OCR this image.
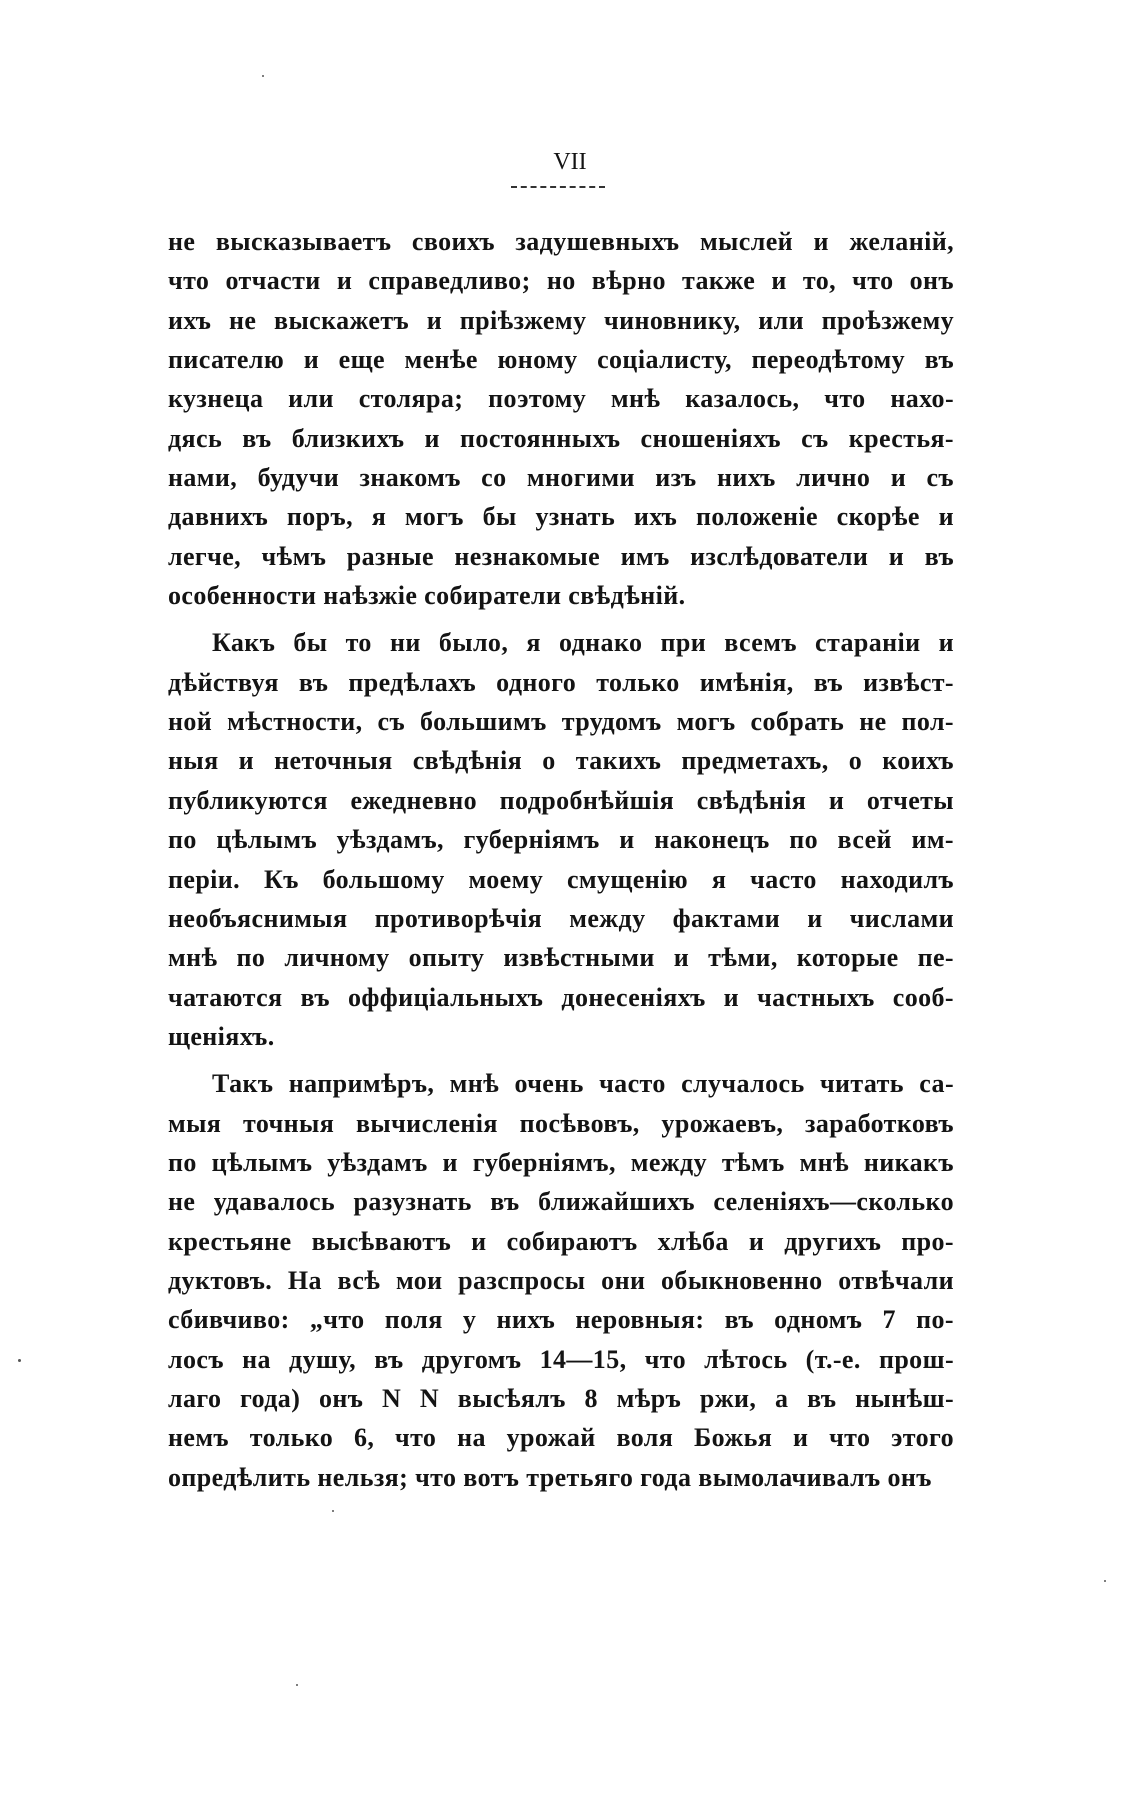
VII
не высказываетъ своихъ задушевныхъ мыслей и желаній,
что отчасти и справедливо; но вѣрно также и то, что онъ
ихъ не выскажетъ и пріѣзжему чиновнику, или проѣзжему
писателю и еще менѣе юному соціалисту, переодѣтому въ
кузнеца или столяра; поэтому мнѣ казалось, что нахо-
дясь въ близкихъ и постоянныхъ сношеніяхъ съ крестья-
нами, будучи знакомъ со многими изъ нихъ лично и съ
давнихъ поръ, я могъ бы узнать ихъ положеніе скорѣе и
легче, чѣмъ разные незнакомые имъ изслѣдователи и въ
особенности наѣзжіе собиратели свѣдѣній.
Какъ бы то ни было, я однако при всемъ стараніи и
дѣйствуя въ предѣлахъ одного только имѣнія, въ извѣст-
ной мѣстности, съ большимъ трудомъ могъ собрать не пол-
ныя и неточныя свѣдѣнія о такихъ предметахъ, о коихъ
публикуются ежедневно подробнѣйшія свѣдѣнія и отчеты
по цѣлымъ уѣздамъ, губерніямъ и наконецъ по всей им-
періи. Къ большому моему смущенію я часто находилъ
необъяснимыя противорѣчія между фактами и числами
мнѣ по личному опыту извѣстными и тѣми, которые пе-
чатаются въ оффиціальныхъ донесеніяхъ и частныхъ сооб-
щеніяхъ.
Такъ напримѣръ, мнѣ очень часто случалось читать са-
мыя точныя вычисленія посѣвовъ, урожаевъ, заработковъ
по цѣлымъ уѣздамъ и губерніямъ, между тѣмъ мнѣ никакъ
не удавалось разузнать въ ближайшихъ селеніяхъ—сколько
крестьяне высѣваютъ и собираютъ хлѣба и другихъ про-
дуктовъ. На всѣ мои разспросы они обыкновенно отвѣчали
сбивчиво: „что поля у нихъ неровныя: въ одномъ 7 по-
лосъ на душу, въ другомъ 14—15, что лѣтось (т.-е. прош-
лаго года) онъ N N высѣялъ 8 мѣръ ржи, а въ нынѣш-
немъ только 6, что на урожай воля Божья и что этого
опредѣлить нельзя; что вотъ третьяго года вымолачивалъ онъ
